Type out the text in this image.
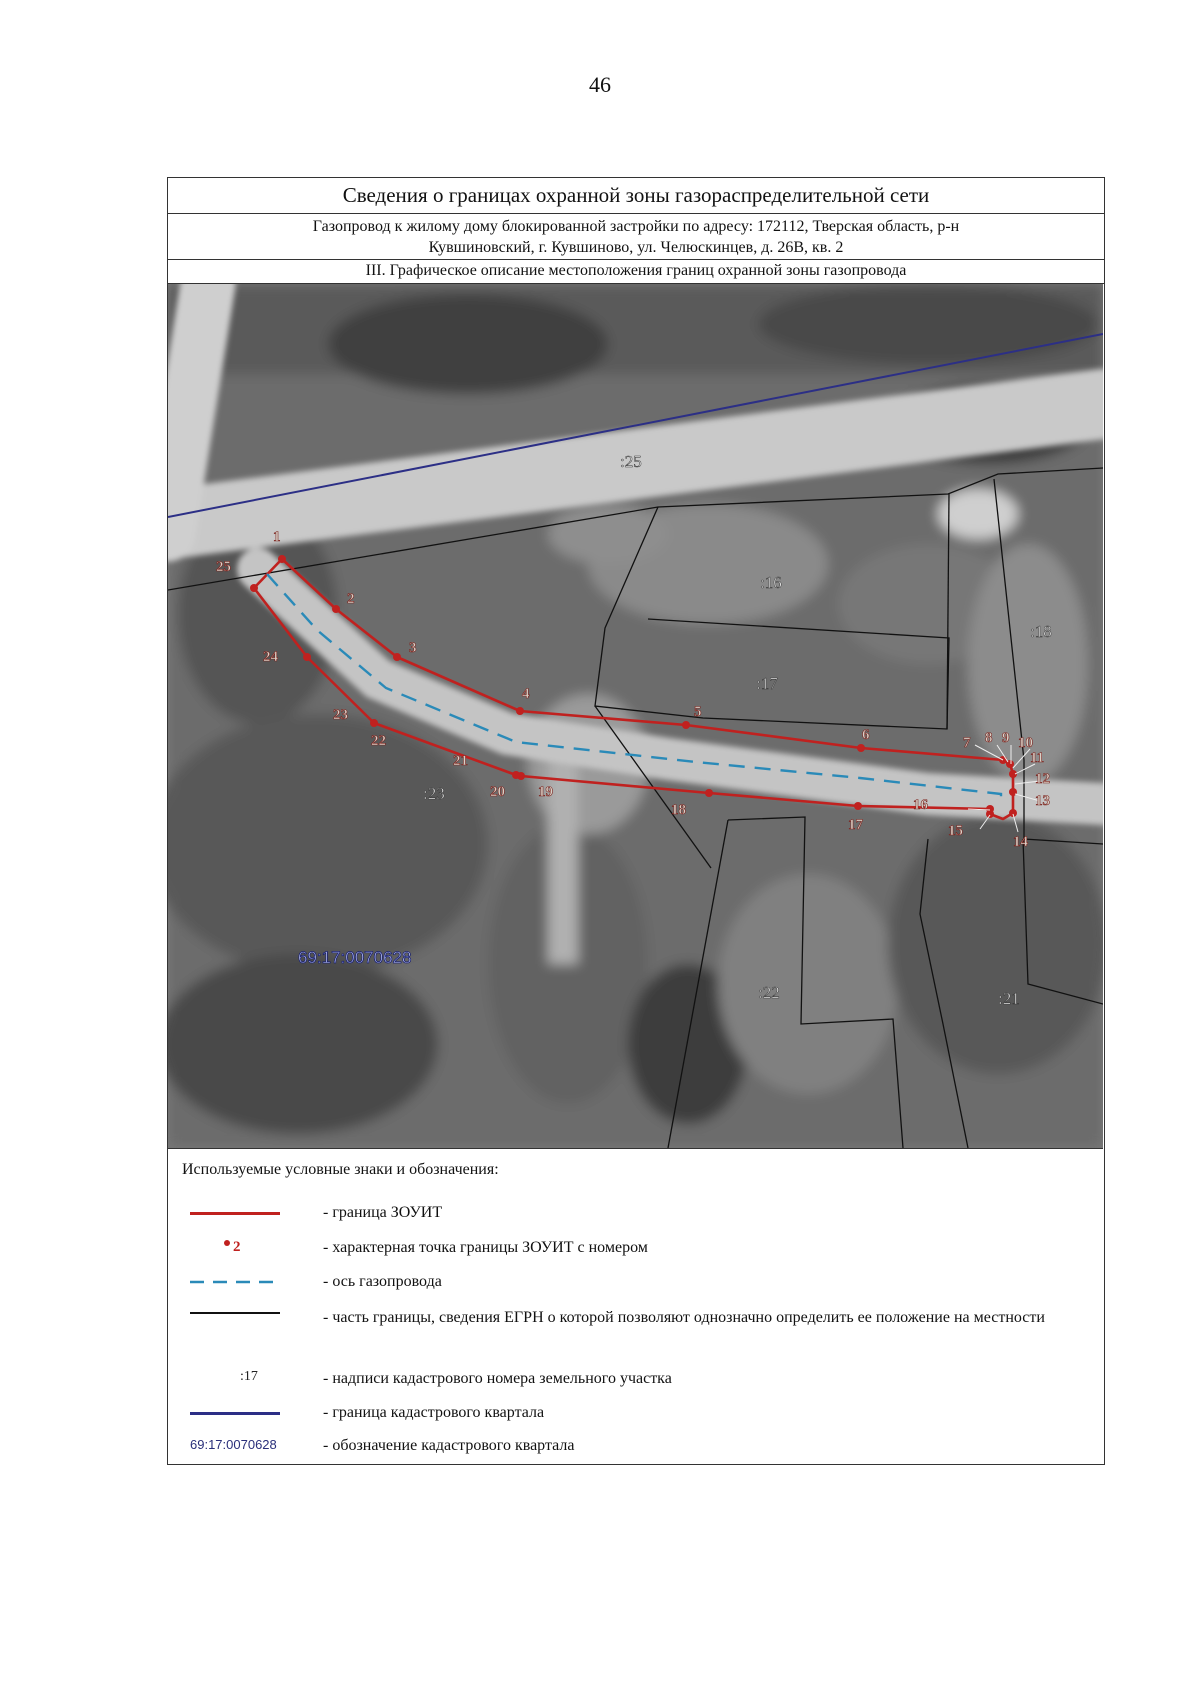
46
Сведения о границах охранной зоны газораспределительной сети
Газопровод к жилому дому блокированной застройки по адресу: 172112, Тверская область, р-н
Кувшиновский, г. Кувшиново, ул. Челюскинцев, д. 26В, кв. 2
III. Графическое описание местоположения границ охранной зоны газопровода
1
2
3
4
5
6	7 8 9 10
11
12
13
14
15
16
17
18
19
20
21
22
23
24
25
:25
:16
:18
:17
:23
:22	:21
69:17:0070628
Используемые условные знаки и обозначения:
- граница ЗОУИТ
2	- характерная точка границы ЗОУИТ с номером
- ось газопровода
- часть границы, сведения ЕГРН о которой позволяют однозначно определить ее положение на местности
:17	- надписи кадастрового номера земельного участка
- граница кадастрового квартала
69:17:0070628	- обозначение кадастрового квартала
